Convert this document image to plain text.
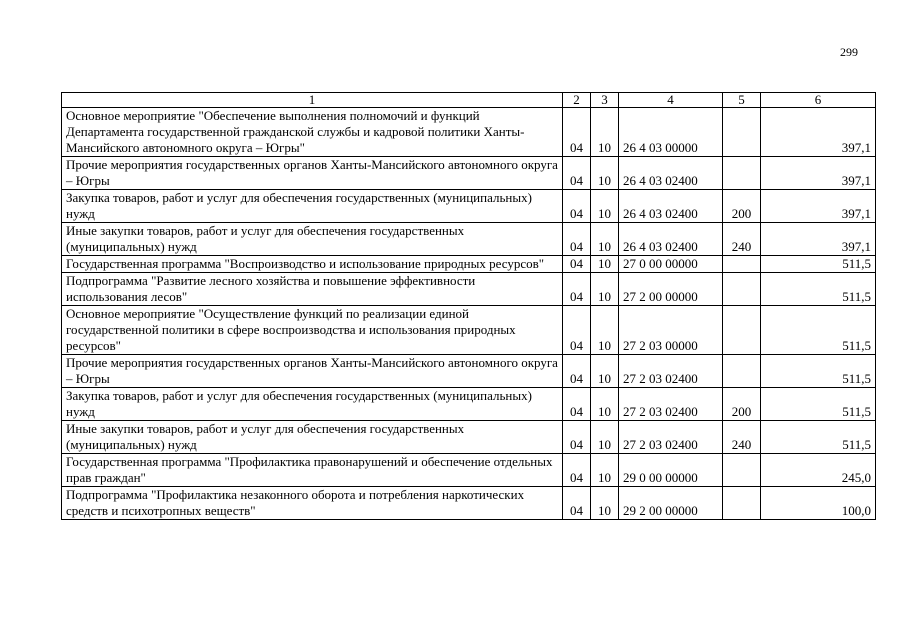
299
1	2	3	4	5	6
Основное мероприятие "Обеспечение выполнения полномочий и функций Департамента государственной гражданской службы и кадровой политики Ханты-Мансийского автономного округа – Югры"	04	10	26 4 03 00000		397,1
Прочие мероприятия государственных органов Ханты-Мансийского автономного округа – Югры	04	10	26 4 03 02400		397,1
Закупка товаров, работ и услуг для обеспечения государственных (муниципальных) нужд	04	10	26 4 03 02400	200	397,1
Иные закупки товаров, работ и услуг для обеспечения государственных (муниципальных) нужд	04	10	26 4 03 02400	240	397,1
Государственная программа "Воспроизводство и использование природных ресурсов"	04	10	27 0 00 00000		511,5
Подпрограмма "Развитие лесного хозяйства и повышение эффективности использования лесов"	04	10	27 2 00 00000		511,5
Основное мероприятие "Осуществление функций по реализации единой государственной политики в сфере воспроизводства и использования природных ресурсов"	04	10	27 2 03 00000		511,5
Прочие мероприятия государственных органов Ханты-Мансийского автономного округа – Югры	04	10	27 2 03 02400		511,5
Закупка товаров, работ и услуг для обеспечения государственных (муниципальных) нужд	04	10	27 2 03 02400	200	511,5
Иные закупки товаров, работ и услуг для обеспечения государственных (муниципальных) нужд	04	10	27 2 03 02400	240	511,5
Государственная программа "Профилактика правонарушений и обеспечение отдельных прав граждан"	04	10	29 0 00 00000		245,0
Подпрограмма "Профилактика незаконного оборота и потребления наркотических средств и психотропных веществ"	04	10	29 2 00 00000		100,0
